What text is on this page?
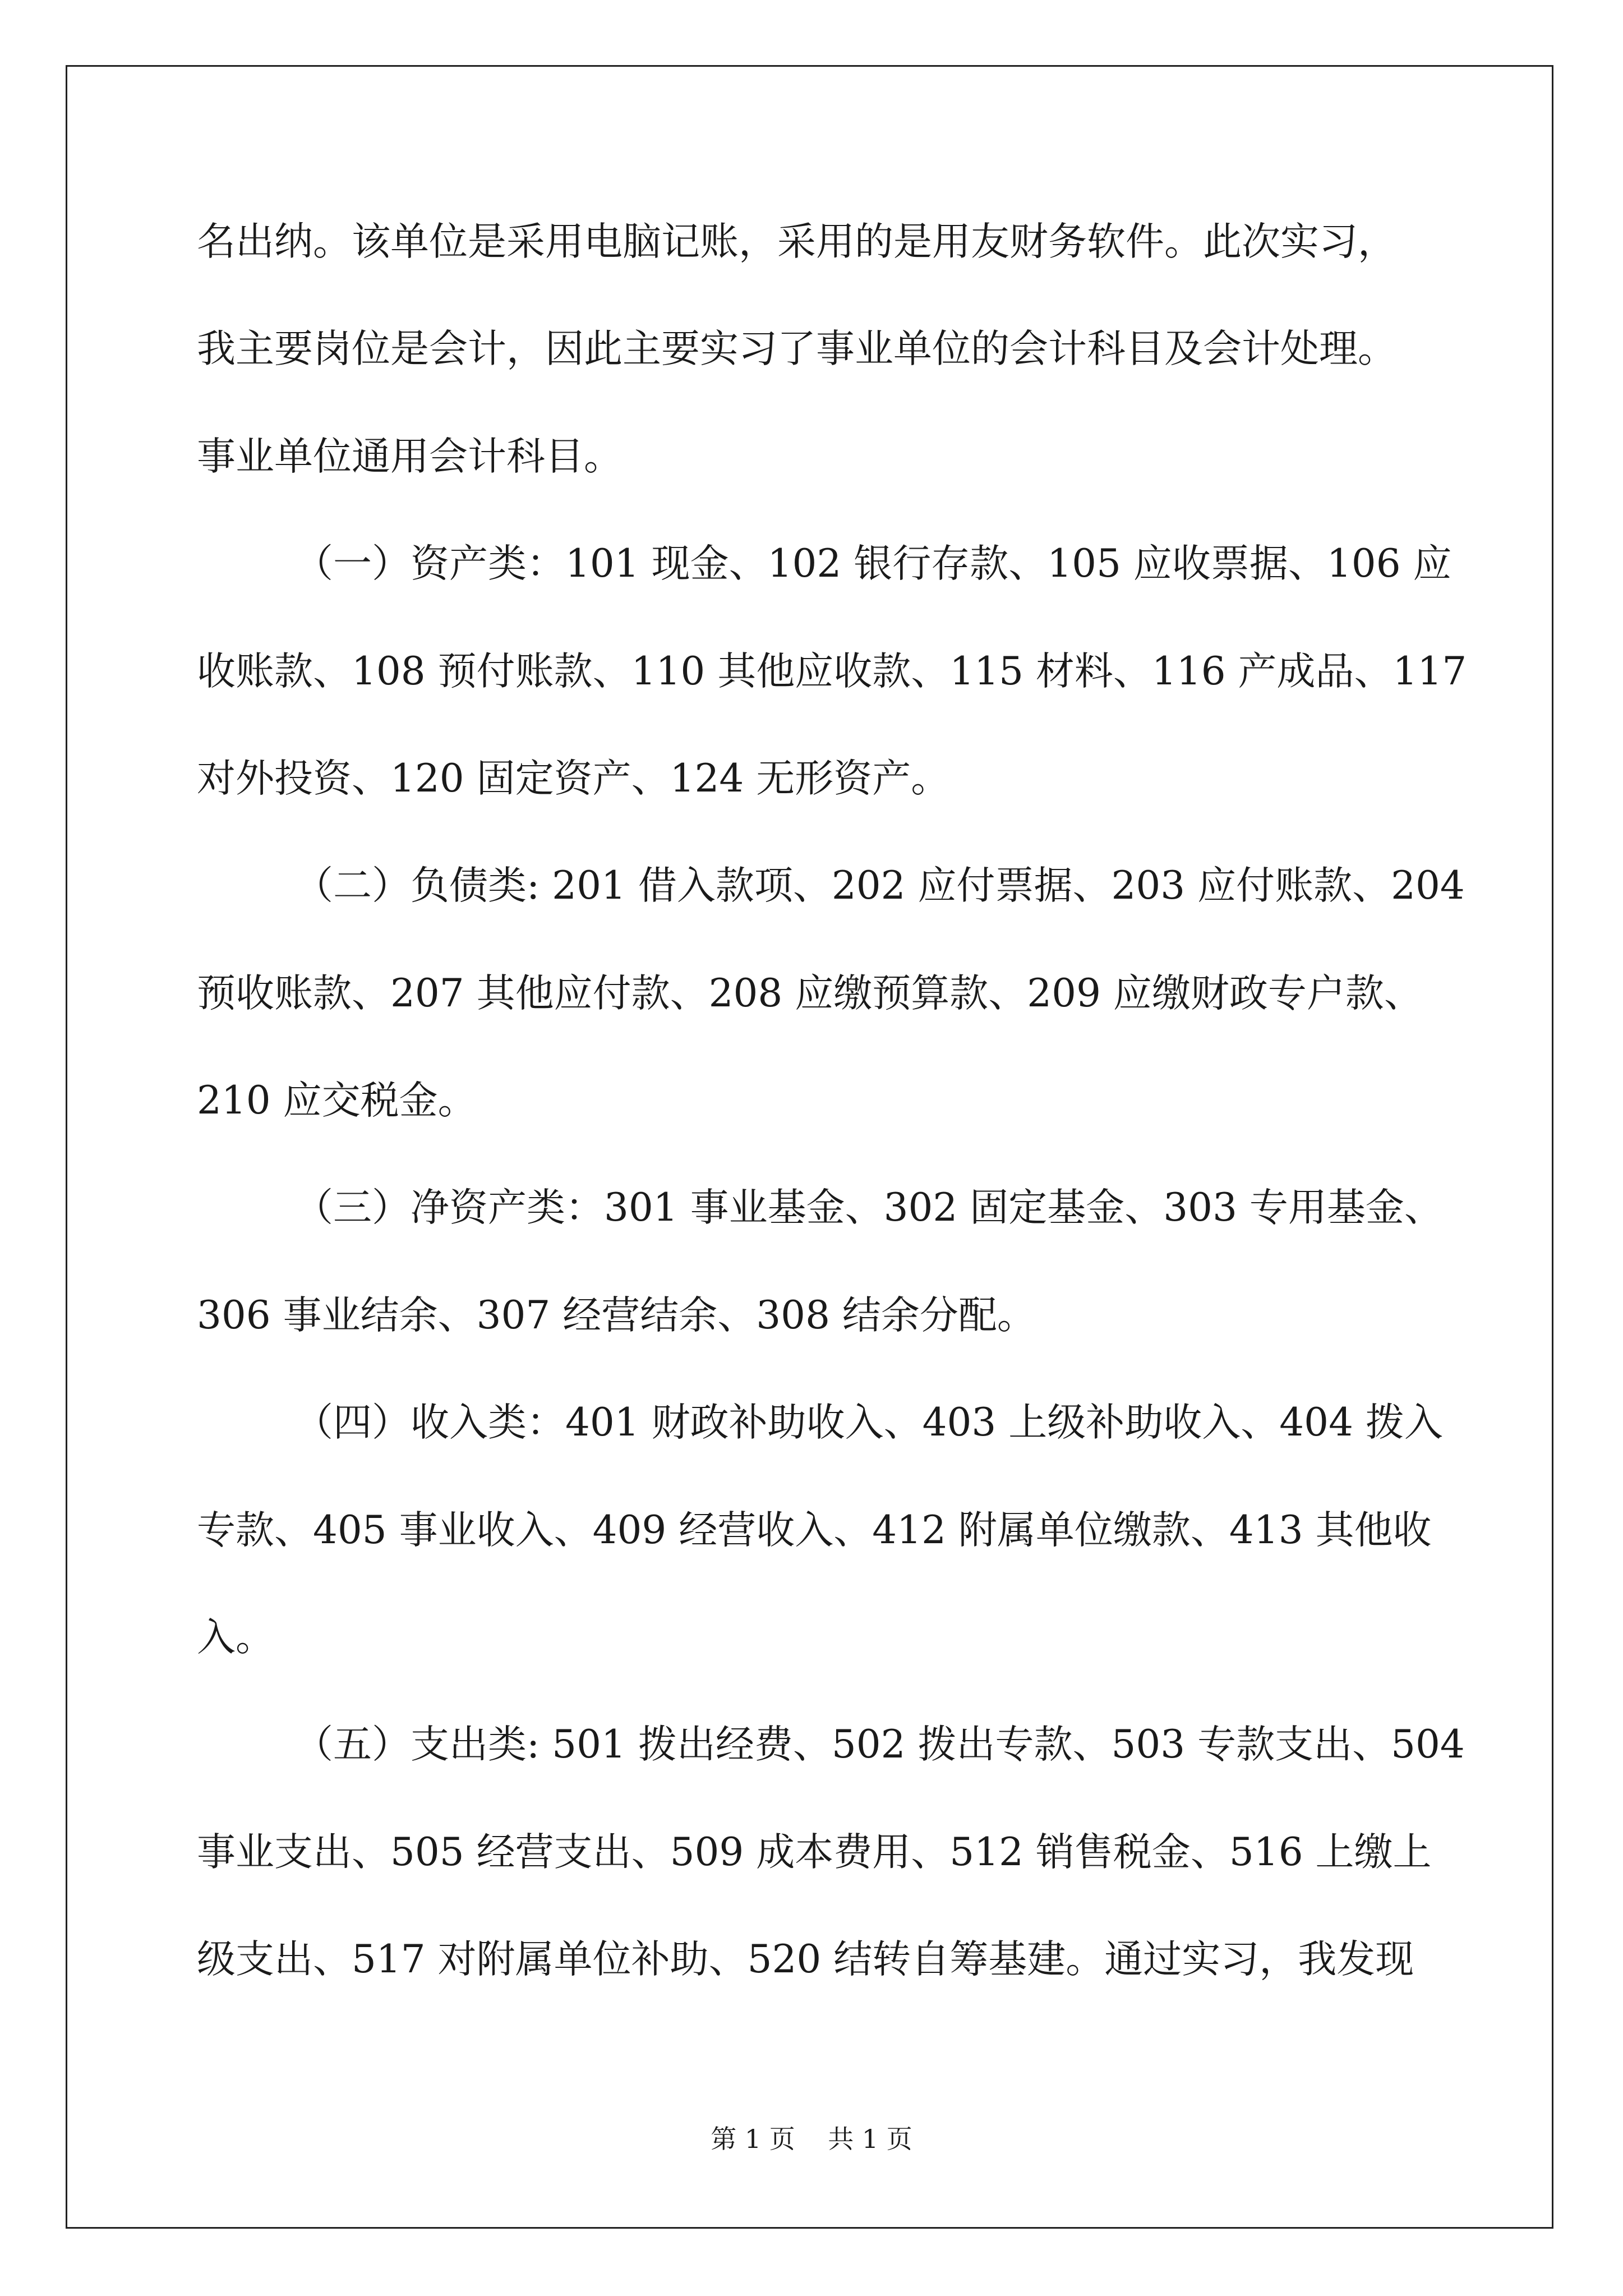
名出纳。该单位是采用电脑记账，采用的是用友财务软件。此次实习，

我主要岗位是会计，因此主要实习了事业单位的会计科目及会计处理。

事业单位通用会计科目。

（一）资产类：101 现金、102 银行存款、105 应收票据、106 应

收账款、108 预付账款、110 其他应收款、115 材料、116 产成品、117

对外投资、120 固定资产、124 无形资产。

（二）负债类: 201 借入款项、202 应付票据、203 应付账款、204

预收账款、207 其他应付款、208 应缴预算款、209 应缴财政专户款、

210 应交税金。

（三）净资产类：301 事业基金、302 固定基金、303 专用基金、

306 事业结余、307 经营结余、308 结余分配。

（四）收入类：401 财政补助收入、403 上级补助收入、404 拨入

专款、405 事业收入、409 经营收入、412 附属单位缴款、413 其他收

入。

（五）支出类: 501 拨出经费、502 拨出专款、503 专款支出、504

事业支出、505 经营支出、509 成本费用、512 销售税金、516 上缴上

级支出、517 对附属单位补助、520 结转自筹基建。通过实习，我发现

第 1 页    共 1 页
